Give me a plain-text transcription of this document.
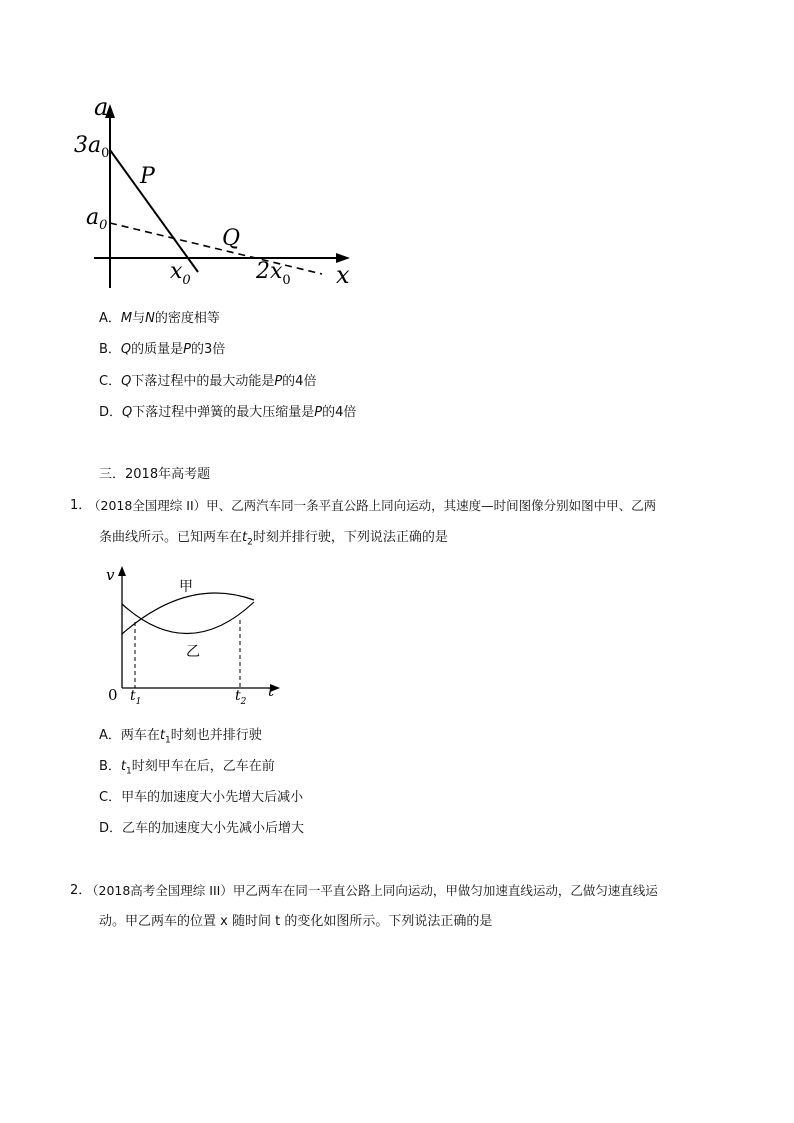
a
x
$3a_0$
$a_0$
$x_0$	$2x_0$
P
Q
A．M与N的密度相等
B．Q的质量是P的3倍
C．Q下落过程中的最大动能是P的4倍
D．Q下落过程中弹簧的最大压缩量是P的4倍
三．2018年高考题
1．
（2018全国理综 II）甲、乙两汽车同一条平直公路上同向运动，其速度—时间图像分别如图中甲、乙两
条曲线所示。已知两车在$t_2$时刻并排行驶，下列说法正确的是
v
t
0 $t_1$	$t_2$
甲
乙
A．两车在$t_1$时刻也并排行驶
B．$t_1$时刻甲车在后，乙车在前
C．甲车的加速度大小先增大后减小
D．乙车的加速度大小先减小后增大
2．
（2018高考全国理综 III）甲乙两车在同一平直公路上同向运动，甲做匀加速直线运动，乙做匀速直线运
动。甲乙两车的位置 x 随时间 t 的变化如图所示。下列说法正确的是
